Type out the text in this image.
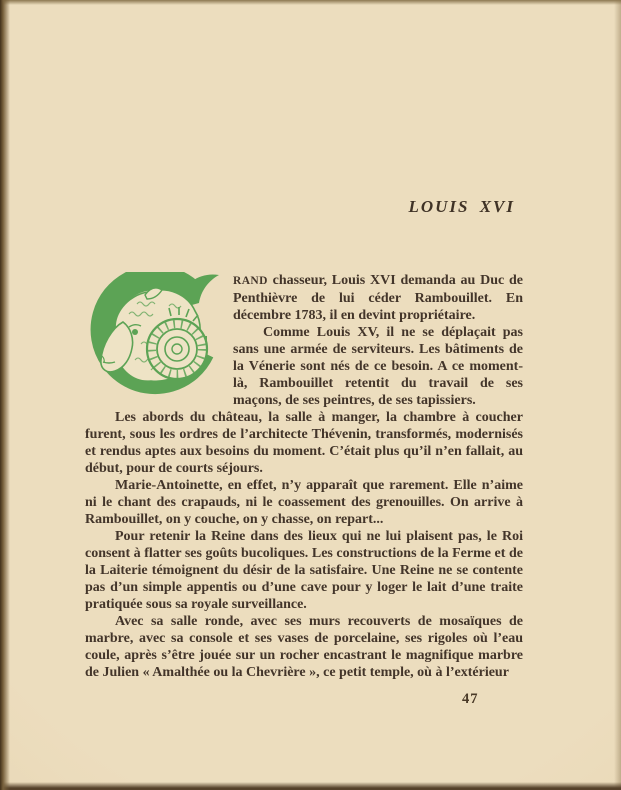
LOUIS XVI

RAND chasseur, Louis XVI demanda au Duc de Penthièvre de lui céder Rambouillet. En décembre 1783, il en devint propriétaire.

Comme Louis XV, il ne se déplaçait pas sans une armée de serviteurs. Les bâtiments de la Vénerie sont nés de ce besoin. A ce moment-là, Rambouillet retentit du travail de ses maçons, de ses peintres, de ses tapissiers.

Les abords du château, la salle à manger, la chambre à coucher furent, sous les ordres de l’architecte Thévenin, transformés, modernisés et rendus aptes aux besoins du moment. C’était plus qu’il n’en fallait, au début, pour de courts séjours.

Marie-Antoinette, en effet, n’y apparaît que rarement. Elle n’aime ni le chant des crapauds, ni le coassement des grenouilles. On arrive à Rambouillet, on y couche, on y chasse, on repart...

Pour retenir la Reine dans des lieux qui ne lui plaisent pas, le Roi consent à flatter ses goûts bucoliques. Les constructions de la Ferme et de la Laiterie témoignent du désir de la satisfaire. Une Reine ne se contente pas d’un simple appentis ou d’une cave pour y loger le lait d’une traite pratiquée sous sa royale surveillance.

Avec sa salle ronde, avec ses murs recouverts de mosaïques de marbre, avec sa console et ses vases de porcelaine, ses rigoles où l’eau coule, après s’être jouée sur un rocher encastrant le magnifique marbre de Julien « Amalthée ou la Chevrière », ce petit temple, où à l’extérieur

47
